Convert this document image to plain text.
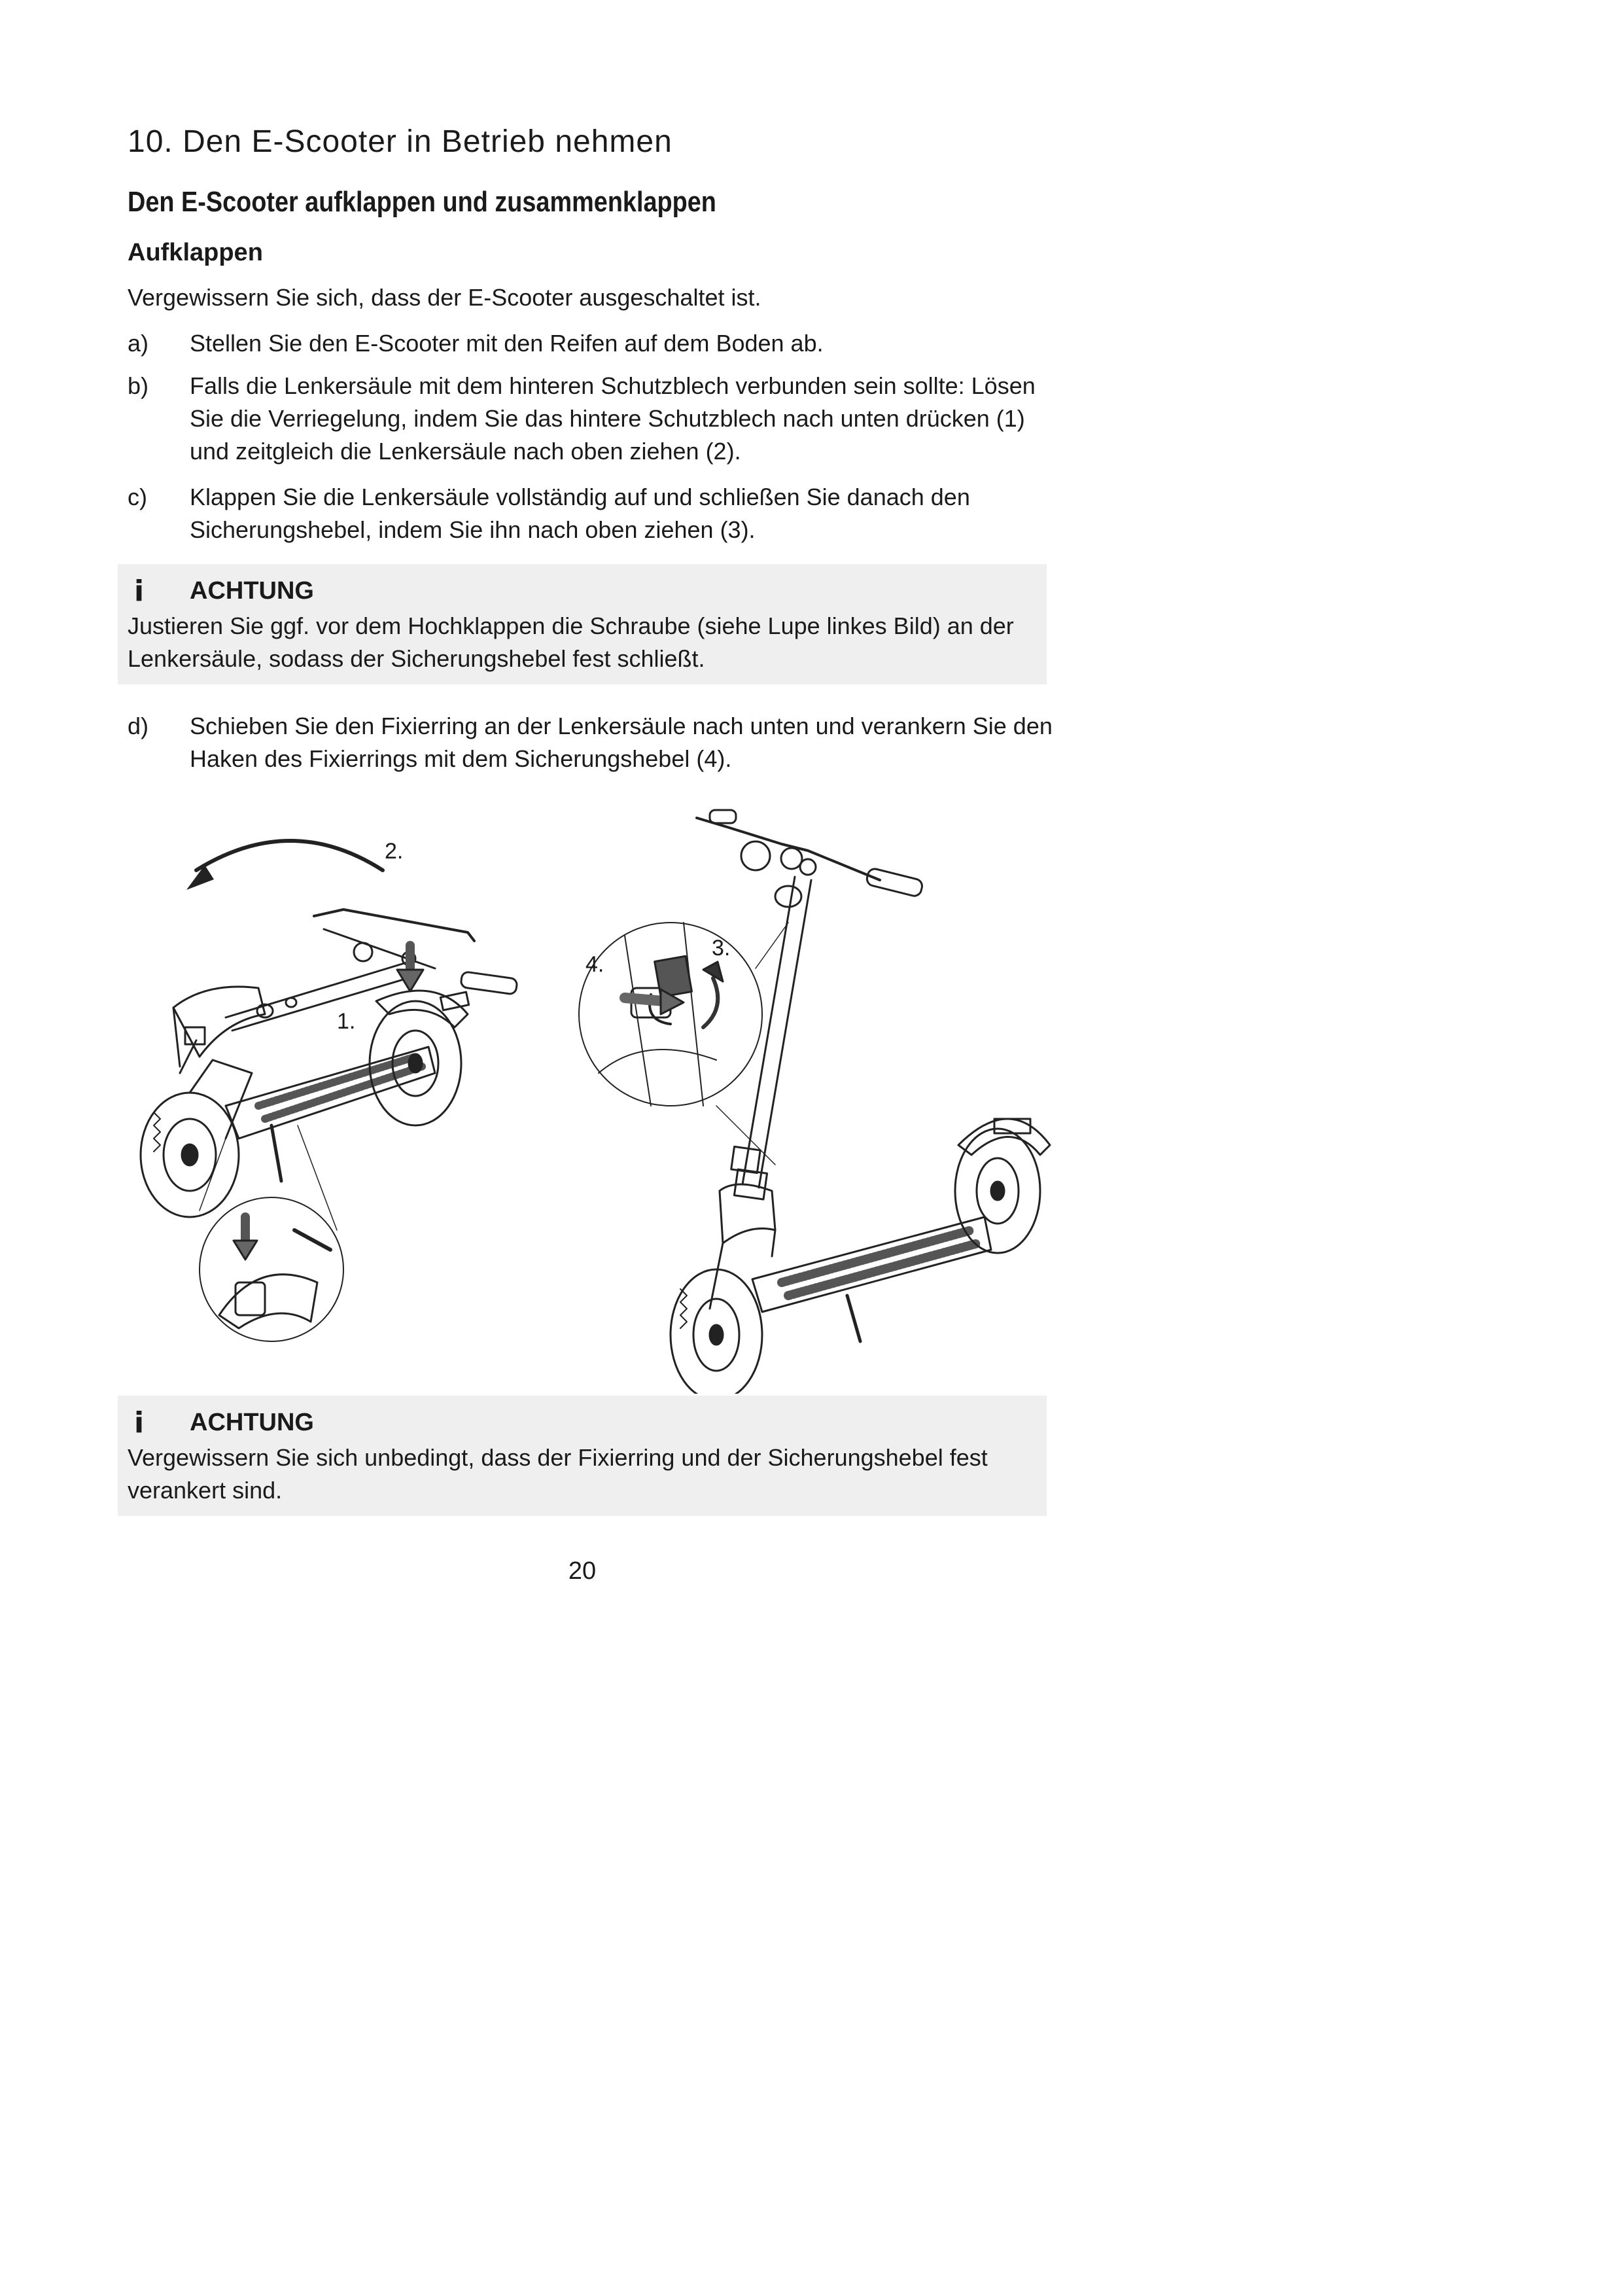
10. Den E-Scooter in Betrieb nehmen
Den E-Scooter aufklappen und zusammenklappen
Aufklappen
Vergewissern Sie sich, dass der E-Scooter ausgeschaltet ist.
a)	Stellen Sie den E-Scooter mit den Reifen auf dem Boden ab.
b)	Falls die Lenkersäule mit dem hinteren Schutzblech verbunden sein sollte: Lösen Sie die Verriegelung, indem Sie das hintere Schutzblech nach unten drücken (1) und zeitgleich die Lenkersäule nach oben ziehen (2).
c)	Klappen Sie die Lenkersäule vollständig auf und schließen Sie danach den Sicherungshebel, indem Sie ihn nach oben ziehen (3).
i ACHTUNG
Justieren Sie ggf. vor dem Hochklappen die Schraube (siehe Lupe linkes Bild) an der Lenkersäule, sodass der Sicherungshebel fest schließt.
d)	Schieben Sie den Fixierring an der Lenkersäule nach unten und verankern Sie den Haken des Fixierrings mit dem Sicherungshebel (4).
1.
2.
4.
3.
i ACHTUNG
Vergewissern Sie sich unbedingt, dass der Fixierring und der Sicherungshebel fest verankert sind.
20
